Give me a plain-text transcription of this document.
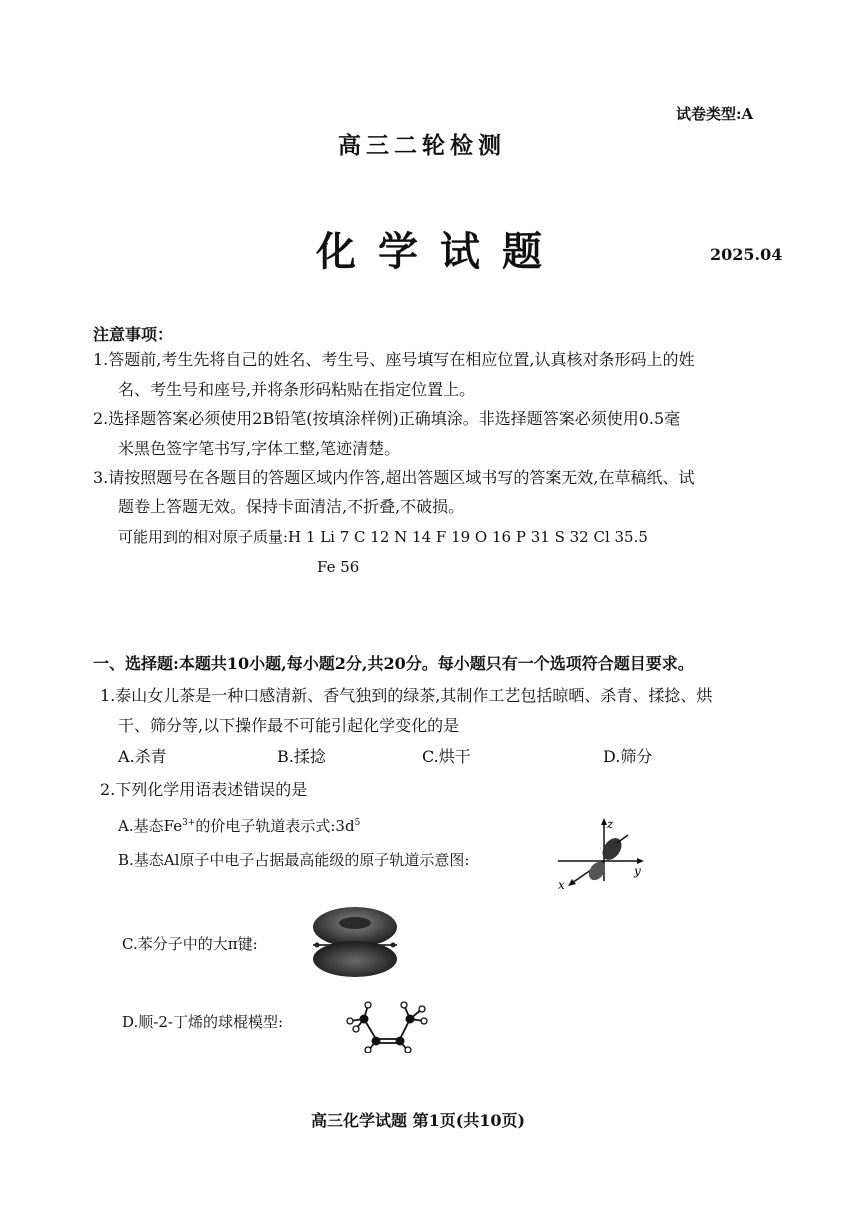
试卷类型:A
高三二轮检测
化学试题	2025.04
注意事项：
1.答题前,考生先将自己的姓名、考生号、座号填写在相应位置,认真核对条形码上的姓
名、考生号和座号,并将条形码粘贴在指定位置上。
2.选择题答案必须使用2B铅笔(按填涂样例)正确填涂。非选择题答案必须使用0.5毫
米黑色签字笔书写,字体工整,笔迹清楚。
3.请按照题号在各题目的答题区域内作答,超出答题区域书写的答案无效,在草稿纸、试
题卷上答题无效。保持卡面清洁,不折叠,不破损。
可能用到的相对原子质量:H 1 Li 7 C 12 N 14 F 19 O 16 P 31 S 32 Cl 35.5
Fe 56
一、选择题:本题共10小题,每小题2分,共20分。每小题只有一个选项符合题目要求。
1.泰山女儿茶是一种口感清新、香气独到的绿茶,其制作工艺包括晾晒、杀青、揉捻、烘
干、筛分等,以下操作最不可能引起化学变化的是
A.杀青	B.揉捻	C.烘干	D.筛分
2.下列化学用语表述错误的是
A.基态$Fe^{3+}$的价电子轨道表示式$:3d^5$
B.基态Al原子中电子占据最高能级的原子轨道示意图:
z
y
x
C.苯分子中的大π键:
D.顺-2-丁烯的球棍模型:
高三化学试题 第1页(共10页)
